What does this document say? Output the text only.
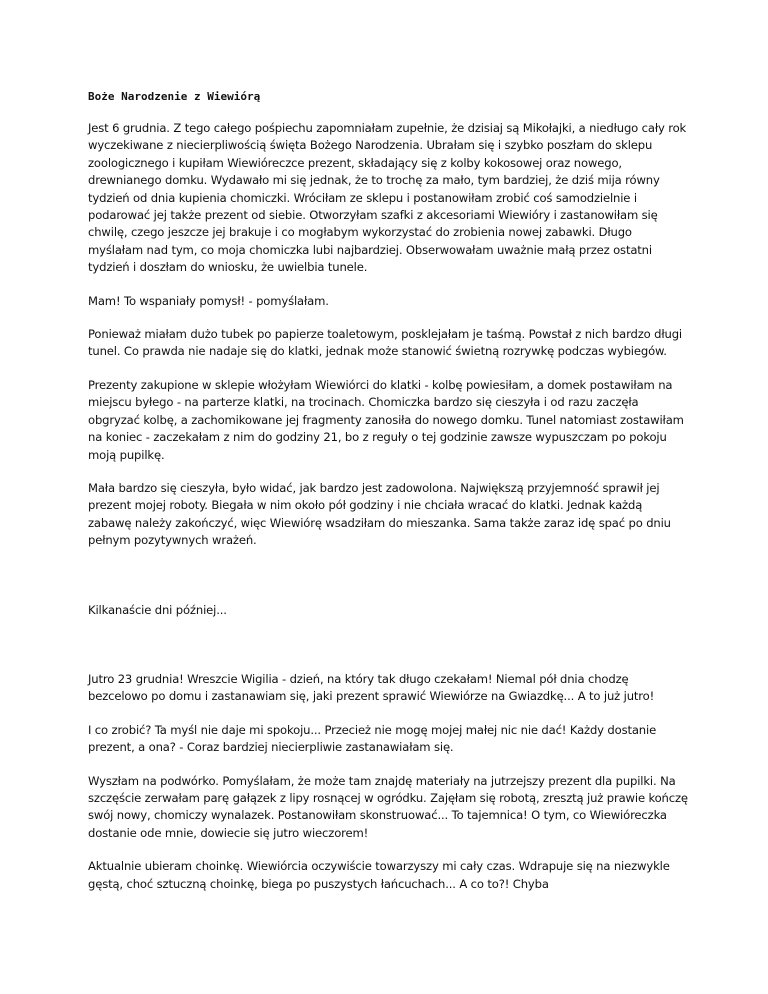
Boże Narodzenie z Wiewiórą

Jest 6 grudnia. Z tego całego pośpiechu zapomniałam zupełnie, że dzisiaj są Mikołajki, a niedługo cały rok wyczekiwane z niecierpliwością święta Bożego Narodzenia. Ubrałam się i szybko poszłam do sklepu zoologicznego i kupiłam Wiewióreczce prezent, składający się z kolby kokosowej oraz nowego, drewnianego domku. Wydawało mi się jednak, że to trochę za mało, tym bardziej, że dziś mija równy tydzień od dnia kupienia chomiczki. Wróciłam ze sklepu i postanowiłam zrobić coś samodzielnie i podarować jej także prezent od siebie. Otworzyłam szafki z akcesoriami Wiewióry i zastanowiłam się chwilę, czego jeszcze jej brakuje i co mogłabym wykorzystać do zrobienia nowej zabawki. Długo myślałam nad tym, co moja chomiczka lubi najbardziej. Obserwowałam uważnie małą przez ostatni tydzień i doszłam do wniosku, że uwielbia tunele.

Mam! To wspaniały pomysł! - pomyślałam.

Ponieważ miałam dużo tubek po papierze toaletowym, posklejałam je taśmą. Powstał z nich bardzo długi tunel. Co prawda nie nadaje się do klatki, jednak może stanowić świetną rozrywkę podczas wybiegów.

Prezenty zakupione w sklepie włożyłam Wiewiórci do klatki - kolbę powiesiłam, a domek postawiłam na miejscu byłego - na parterze klatki, na trocinach. Chomiczka bardzo się cieszyła i od razu zaczęła obgryzać kolbę, a zachomikowane jej fragmenty zanosiła do nowego domku. Tunel natomiast zostawiłam na koniec - zaczekałam z nim do godziny 21, bo z reguły o tej godzinie zawsze wypuszczam po pokoju moją pupilkę.

Mała bardzo się cieszyła, było widać, jak bardzo jest zadowolona. Największą przyjemność sprawił jej prezent mojej roboty. Biegała w nim około pół godziny i nie chciała wracać do klatki. Jednak każdą zabawę należy zakończyć, więc Wiewiórę wsadziłam do mieszanka. Sama także zaraz idę spać po dniu pełnym pozytywnych wrażeń.

Kilkanaście dni później...

Jutro 23 grudnia! Wreszcie Wigilia - dzień, na który tak długo czekałam! Niemal pół dnia chodzę bezcelowo po domu i zastanawiam się, jaki prezent sprawić Wiewiórze na Gwiazdkę... A to już jutro!

I co zrobić? Ta myśl nie daje mi spokoju... Przecież nie mogę mojej małej nic nie dać! Każdy dostanie prezent, a ona? - Coraz bardziej niecierpliwie zastanawiałam się.

Wyszłam na podwórko. Pomyślałam, że może tam znajdę materiały na jutrzejszy prezent dla pupilki. Na szczęście zerwałam parę gałązek z lipy rosnącej w ogródku. Zajęłam się robotą, zresztą już prawie kończę swój nowy, chomiczy wynalazek. Postanowiłam skonstruować... To tajemnica! O tym, co Wiewióreczka dostanie ode mnie, dowiecie się jutro wieczorem!

Aktualnie ubieram choinkę. Wiewiórcia oczywiście towarzyszy mi cały czas. Wdrapuje się na niezwykle gęstą, choć sztuczną choinkę, biega po puszystych łańcuchach... A co to?! Chyba
